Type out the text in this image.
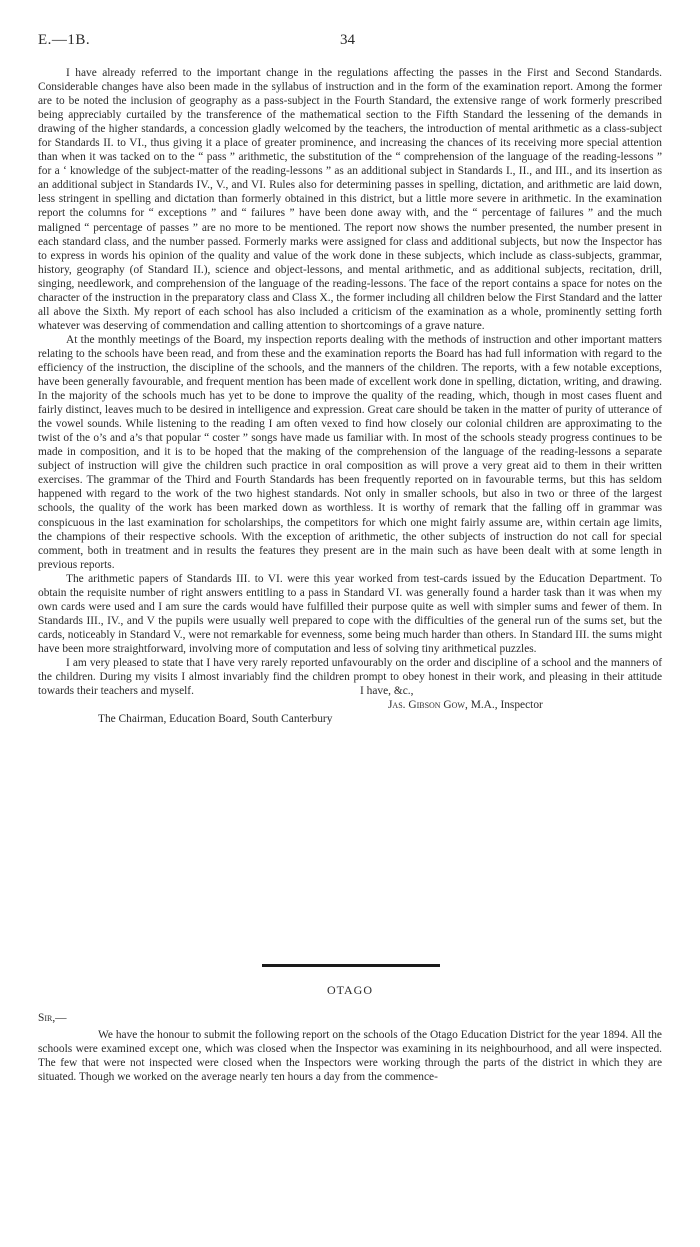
E.—1B.	34

I have already referred to the important change in the regulations affecting the passes in the First and Second Standards. Considerable changes have also been made in the syllabus of instruction and in the form of the examination report. Among the former are to be noted the inclusion of geography as a pass-subject in the Fourth Standard, the extensive range of work formerly prescribed being appreciably curtailed by the transference of the mathematical section to the Fifth Standard the lessening of the demands in drawing of the higher standards, a concession gladly welcomed by the teachers, the introduction of mental arithmetic as a class-subject for Standards II. to VI., thus giving it a place of greater prominence, and increasing the chances of its receiving more special attention than when it was tacked on to the “ pass ” arithmetic, the substitution of the “ comprehension of the language of the reading-lessons ” for a ‘ knowledge of the subject-matter of the reading-lessons ” as an additional subject in Standards I., II., and III., and its insertion as an additional subject in Standards IV., V., and VI. Rules also for determining passes in spelling, dictation, and arithmetic are laid down, less stringent in spelling and dictation than formerly obtained in this district, but a little more severe in arithmetic. In the examination report the columns for “ exceptions ” and “ failures ” have been done away with, and the “ percentage of failures ” and the much maligned “ percentage of passes ” are no more to be mentioned. The report now shows the number presented, the number present in each standard class, and the number passed. Formerly marks were assigned for class and additional subjects, but now the Inspector has to express in words his opinion of the quality and value of the work done in these subjects, which include as class-subjects, grammar, history, geography (of Standard II.), science and object-lessons, and mental arithmetic, and as additional subjects, recitation, drill, singing, needlework, and comprehension of the language of the reading-lessons. The face of the report contains a space for notes on the character of the instruction in the preparatory class and Class X., the former including all children below the First Standard and the latter all above the Sixth. My report of each school has also included a criticism of the examination as a whole, prominently setting forth whatever was deserving of commendation and calling attention to shortcomings of a grave nature.

At the monthly meetings of the Board, my inspection reports dealing with the methods of instruction and other important matters relating to the schools have been read, and from these and the examination reports the Board has had full information with regard to the efficiency of the instruction, the discipline of the schools, and the manners of the children. The reports, with a few notable exceptions, have been generally favourable, and frequent mention has been made of excellent work done in spelling, dictation, writing, and drawing. In the majority of the schools much has yet to be done to improve the quality of the reading, which, though in most cases fluent and fairly distinct, leaves much to be desired in intelligence and expression. Great care should be taken in the matter of purity of utterance of the vowel sounds. While listening to the reading I am often vexed to find how closely our colonial children are approximating to the twist of the o’s and a’s that popular “ coster ” songs have made us familiar with. In most of the schools steady progress continues to be made in composition, and it is to be hoped that the making of the comprehension of the language of the reading-lessons a separate subject of instruction will give the children such practice in oral composition as will prove a very great aid to them in their written exercises. The grammar of the Third and Fourth Standards has been frequently reported on in favourable terms, but this has seldom happened with regard to the work of the two highest standards. Not only in smaller schools, but also in two or three of the largest schools, the quality of the work has been marked down as worthless. It is worthy of remark that the falling off in grammar was conspicuous in the last examination for scholarships, the competitors for which one might fairly assume are, within certain age limits, the champions of their respective schools. With the exception of arithmetic, the other subjects of instruction do not call for special comment, both in treatment and in results the features they present are in the main such as have been dealt with at some length in previous reports.

The arithmetic papers of Standards III. to VI. were this year worked from test-cards issued by the Education Department. To obtain the requisite number of right answers entitling to a pass in Standard VI. was generally found a harder task than it was when my own cards were used and I am sure the cards would have fulfilled their purpose quite as well with simpler sums and fewer of them. In Standards III., IV., and V the pupils were usually well prepared to cope with the difficulties of the general run of the sums set, but the cards, noticeably in Standard V., were not remarkable for evenness, some being much harder than others. In Standard III. the sums might have been more straightforward, involving more of computation and less of solving tiny arithmetical puzzles.

I am very pleased to state that I have very rarely reported unfavourably on the order and discipline of a school and the manners of the children. During my visits I almost invariably find the children prompt to obey honest in their work, and pleasing in their attitude towards their teachers and myself.	I have, &c.,
Jas. Gibson Gow, M.A., Inspector
The Chairman, Education Board, South Canterbury
OTAGO
Sir,—

We have the honour to submit the following report on the schools of the Otago Education District for the year 1894. All the schools were examined except one, which was closed when the Inspector was examining in its neighbourhood, and all were inspected. The few that were not inspected were closed when the Inspectors were working through the parts of the district in which they are situated. Though we worked on the average nearly ten hours a day from the commence-
